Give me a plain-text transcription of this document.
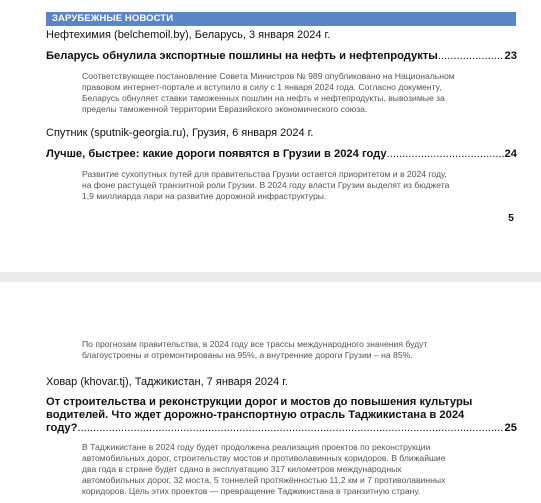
ЗАРУБЕЖНЫЕ НОВОСТИ
Нефтехимия (belchemoil.by), Беларусь, 3 января 2024 г.
Беларусь обнулила экспортные пошлины на нефть и нефтепродукты .....	23
Соответствующее постановление Совета Министров № 989 опубликовано на Национальном
правовом интернет-портале и вступило в силу с 1 января 2024 года. Согласно документу,
Беларусь обнуляет ставки таможенных пошлин на нефть и нефтепродукты, вывозимые за
пределы таможенной территории Евразийского экономического союза.
Спутник (sputnik-georgia.ru), Грузия, 6 января 2024 г.
Лучше, быстрее: какие дороги появятся в Грузии в 2024 году .....	24
Развитие сухопутных путей для правительства Грузии остается приоритетом и в 2024 году,
на фоне растущей транзитной роли Грузии. В 2024 году власти Грузии выделят из бюджета
1,9 миллиарда лари на развитие дорожной инфраструктуры.
5
По прогнозам правительства, в 2024 году все трассы международного значения будут
благоустроены и отремонтированы на 95%, а внутренние дороги Грузии – на 85%.
Ховар (khovar.tj), Таджикистан, 7 января 2024 г.
От строительства и реконструкции дорог и мостов до повышения культуры
водителей. Что ждет дорожно-транспортную отрасль Таджикистана в 2024
году? .....	25
В Таджикистане в 2024 году будет продолжена реализация проектов по реконструкции
автомобильных дорог, строительству мостов и противолавинных коридоров. В ближайшие
два года в стране будет сдано в эксплуатацию 317 километров международных
автомобильных дорог, 32 моста, 5 тоннелей протяжённостью 11,2 км и 7 противолавинных
коридоров. Цель этих проектов — превращение Таджикистана в транзитную страну.
